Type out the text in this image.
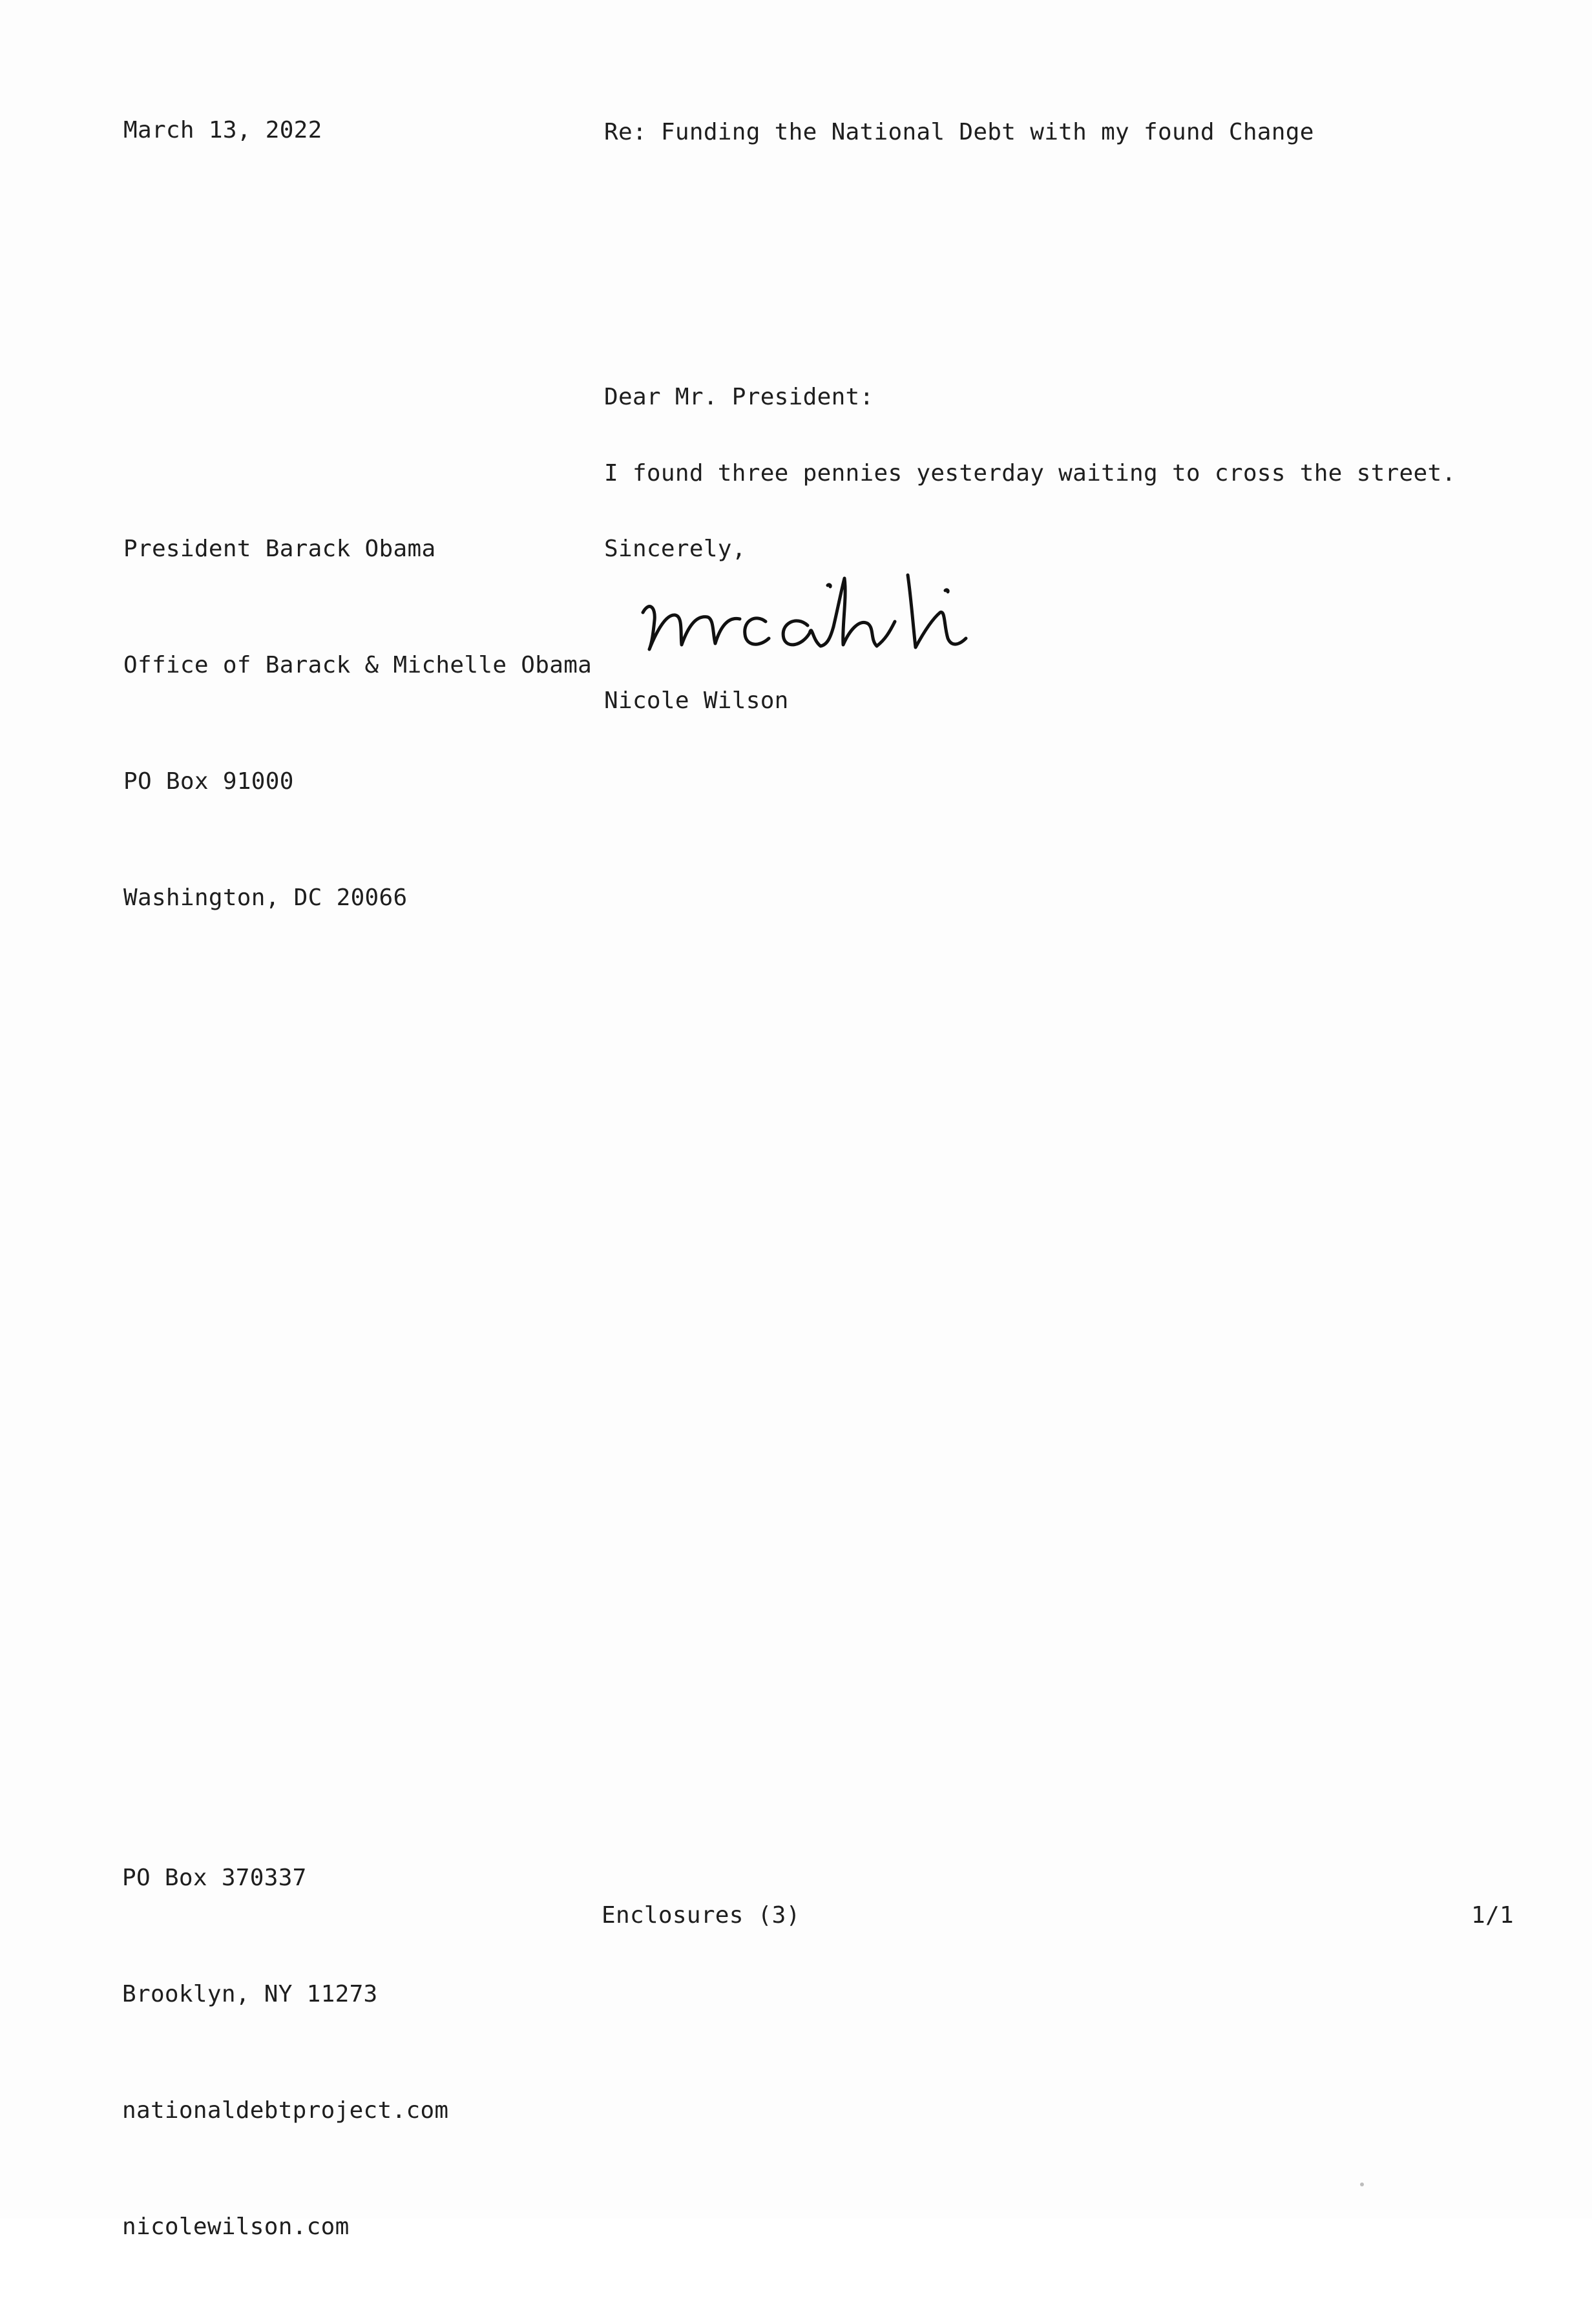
March 13, 2022	Re: Funding the National Debt with my found Change
Dear Mr. President:

President Barack Obama

Office of Barack & Michelle Obama

PO Box 91000

Washington, DC 20066

I found three pennies yesterday waiting to cross the street.
Sincerely,
Nicole Wilson

PO Box 370337

Brooklyn, NY 11273

nationaldebtproject.com

nicolewilson.com

Enclosures (3)	1/1
